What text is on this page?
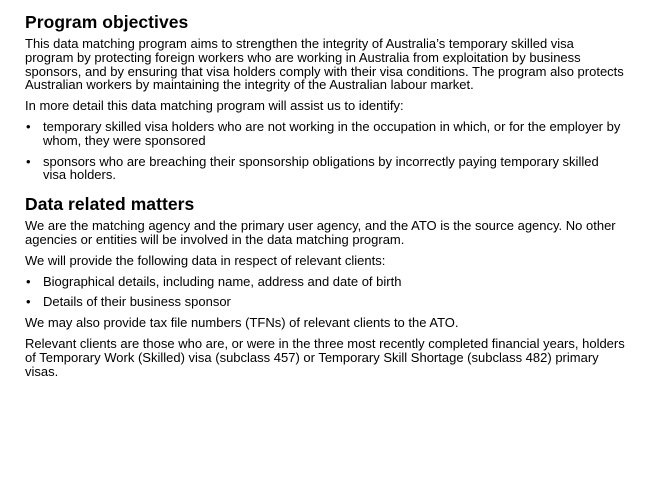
Program objectives

This data matching program aims to strengthen the integrity of Australia’s temporary skilled visa program by protecting foreign workers who are working in Australia from exploitation by business sponsors, and by ensuring that visa holders comply with their visa conditions. The program also protects Australian workers by maintaining the integrity of the Australian labour market.

In more detail this data matching program will assist us to identify:

• temporary skilled visa holders who are not working in the occupation in which, or for the employer by whom, they were sponsored
• sponsors who are breaching their sponsorship obligations by incorrectly paying temporary skilled visa holders.
Data related matters

We are the matching agency and the primary user agency, and the ATO is the source agency. No other agencies or entities will be involved in the data matching program.

We will provide the following data in respect of relevant clients:

• Biographical details, including name, address and date of birth
• Details of their business sponsor

We may also provide tax file numbers (TFNs) of relevant clients to the ATO.

Relevant clients are those who are, or were in the three most recently completed financial years, holders of Temporary Work (Skilled) visa (subclass 457) or Temporary Skill Shortage (subclass 482) primary visas.
